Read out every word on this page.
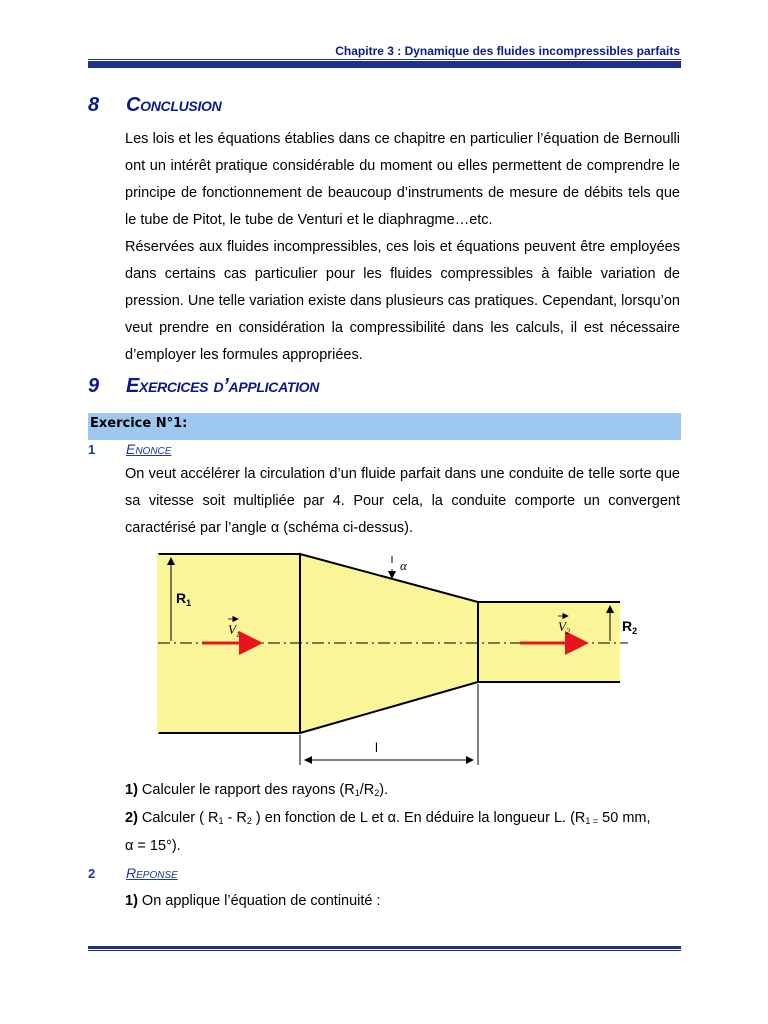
Chapitre 3 : Dynamique des fluides incompressibles parfaits
8 Conclusion
Les lois et les équations établies dans ce chapitre en particulier l’équation de Bernoulli ont un intérêt pratique considérable du moment ou elles permettent de comprendre le principe de fonctionnement de beaucoup d’instruments de mesure de débits tels que le tube de Pitot, le tube de Venturi et le diaphragme…etc.
Réservées aux fluides incompressibles, ces lois et équations peuvent être employées dans certains cas particulier pour les fluides compressibles à faible variation de pression. Une telle variation existe dans plusieurs cas pratiques. Cependant, lorsqu’on veut prendre en considération la compressibilité dans les calculs, il est nécessaire d’employer les formules appropriées.
9 Exercices d’application
Exercice N°1:
1 Enonce
On veut accélérer la circulation d’un fluide parfait dans une conduite de telle sorte que sa vitesse soit multipliée par 4. Pour cela, la conduite comporte un convergent caractérisé par l’angle α (schéma ci-dessus).
$R_1$
$R_2$
$V_1$
$V_2$
α
l
1) Calculer le rapport des rayons $(R_1/R_2)$.
2) Calculer ( $R_1 - R_2$ ) en fonction de L et α. En déduire la longueur L. ($R_{1 =}$ 50 mm,
α = 15°).
2 Reponse
1) On applique l’équation de continuité :
